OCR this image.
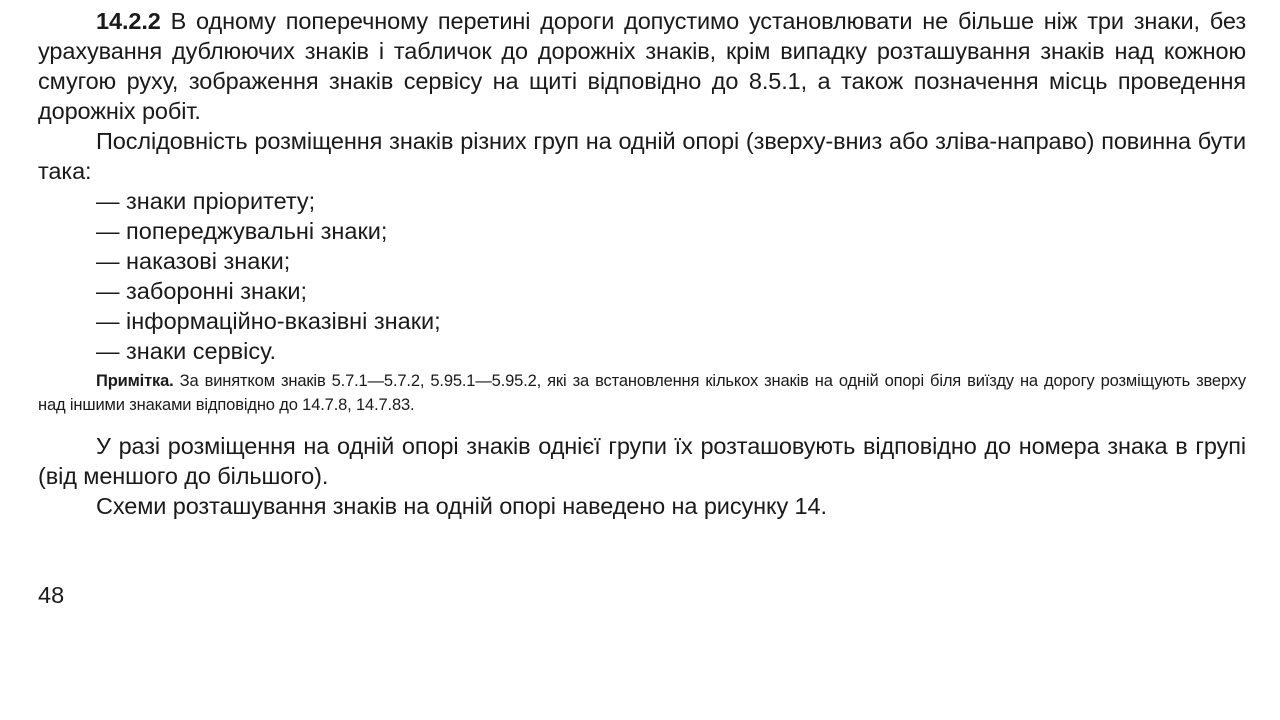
14.2.2 В одному поперечному перетині дороги допустимо установлювати не більше ніж три знаки, без урахування дублюючих знаків і табличок до дорожніх знаків, крім випадку розташування знаків над кожною смугою руху, зображення знаків сервісу на щиті відповідно до 8.5.1, а також позначення місць проведення дорожніх робіт.

Послідовність розміщення знаків різних груп на одній опорі (зверху-вниз або зліва-направо) повинна бути така:

— знаки пріоритету;
— попереджувальні знаки;
— наказові знаки;
— заборонні знаки;
— інформаційно-вказівні знаки;
— знаки сервісу.

Примітка. За винятком знаків 5.7.1—5.7.2, 5.95.1—5.95.2, які за встановлення кількох знаків на одній опорі біля виїзду на дорогу розміщують зверху над іншими знаками відповідно до 14.7.8, 14.7.83.

У разі розміщення на одній опорі знаків однієї групи їх розташовують відповідно до номера знака в групі (від меншого до більшого).

Схеми розташування знаків на одній опорі наведено на рисунку 14.

48
